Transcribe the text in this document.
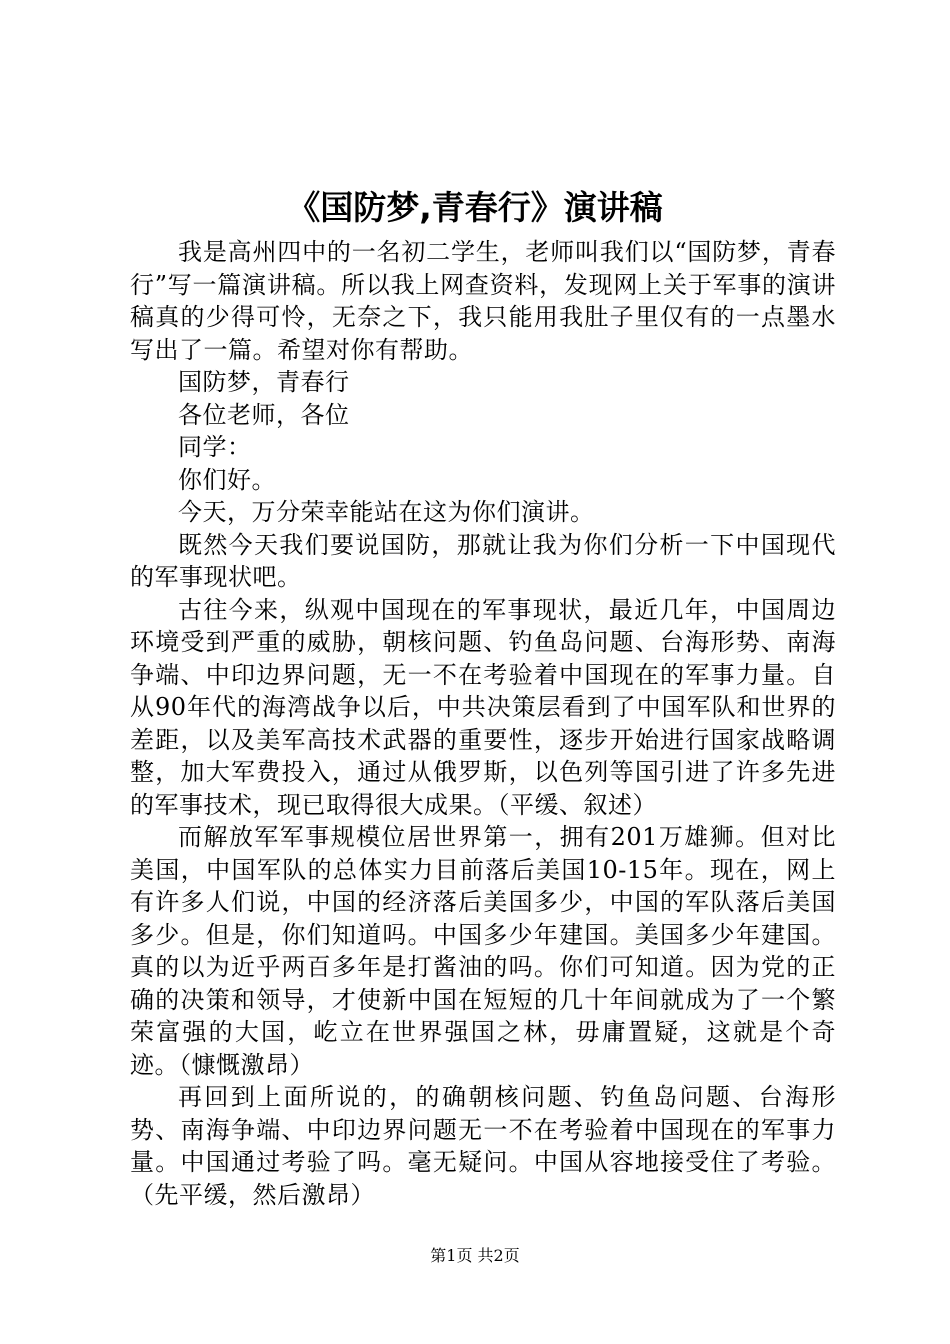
《国防梦,青春行》演讲稿

我是高州四中的一名初二学生，老师叫我们以“国防梦，青春行”写一篇演讲稿。所以我上网查资料，发现网上关于军事的演讲稿真的少得可怜，无奈之下，我只能用我肚子里仅有的一点墨水写出了一篇。希望对你有帮助。

国防梦，青春行

各位老师，各位

同学：

你们好。

今天，万分荣幸能站在这为你们演讲。

既然今天我们要说国防，那就让我为你们分析一下中国现代的军事现状吧。

古往今来，纵观中国现在的军事现状，最近几年，中国周边环境受到严重的威胁，朝核问题、钓鱼岛问题、台海形势、南海争端、中印边界问题，无一不在考验着中国现在的军事力量。自从90年代的海湾战争以后，中共决策层看到了中国军队和世界的差距，以及美军高技术武器的重要性，逐步开始进行国家战略调整，加大军费投入，通过从俄罗斯，以色列等国引进了许多先进的军事技术，现已取得很大成果。（平缓、叙述）

而解放军军事规模位居世界第一，拥有201万雄狮。但对比美国，中国军队的总体实力目前落后美国10-15年。现在，网上有许多人们说，中国的经济落后美国多少，中国的军队落后美国多少。但是，你们知道吗。中国多少年建国。美国多少年建国。真的以为近乎两百多年是打酱油的吗。你们可知道。因为党的正确的决策和领导，才使新中国在短短的几十年间就成为了一个繁荣富强的大国，屹立在世界强国之林，毋庸置疑，这就是个奇迹。（慷慨激昂）

再回到上面所说的，的确朝核问题、钓鱼岛问题、台海形势、南海争端、中印边界问题无一不在考验着中国现在的军事力量。中国通过考验了吗。毫无疑问。中国从容地接受住了考验。（先平缓，然后激昂）

第1页 共2页
